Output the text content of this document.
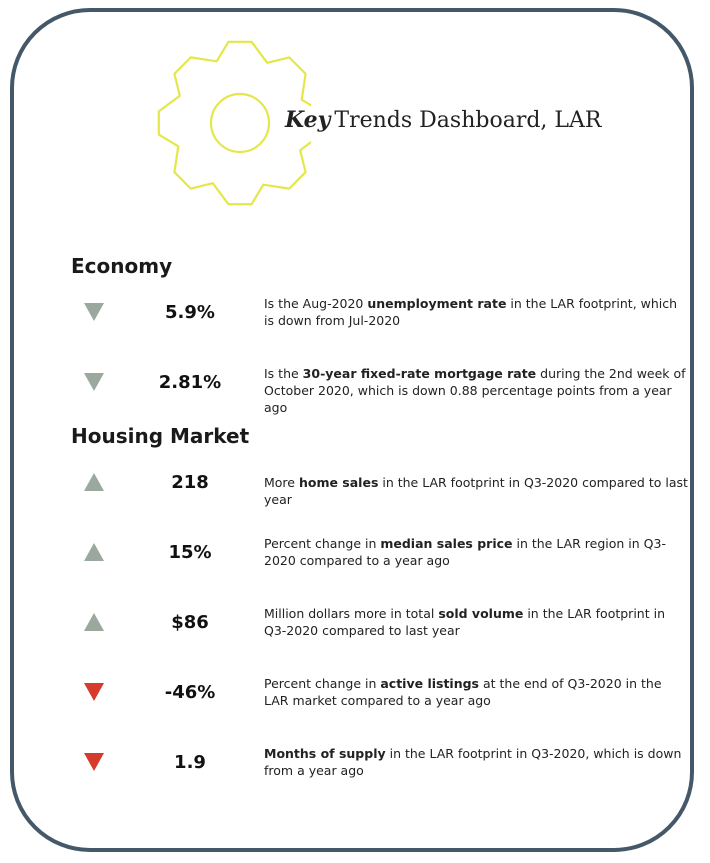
Key Trends Dashboard, LAR
Economy
Housing Market
5.9%	Is the Aug-2020 unemployment rate in the LAR footprint, which is down from Jul-2020
2.81%	Is the 30-year fixed-rate mortgage rate during the 2nd week of October 2020, which is down 0.88 percentage points from a year ago
218	More home sales in the LAR footprint in Q3-2020 compared to last year
15%	Percent change in median sales price in the LAR region in Q3-2020 compared to a year ago
$86	Million dollars more in total sold volume in the LAR footprint in Q3-2020 compared to last year
-46%	Percent change in active listings at the end of Q3-2020 in the LAR market compared to a year ago
1.9	Months of supply in the LAR footprint in Q3-2020, which is down from a year ago
